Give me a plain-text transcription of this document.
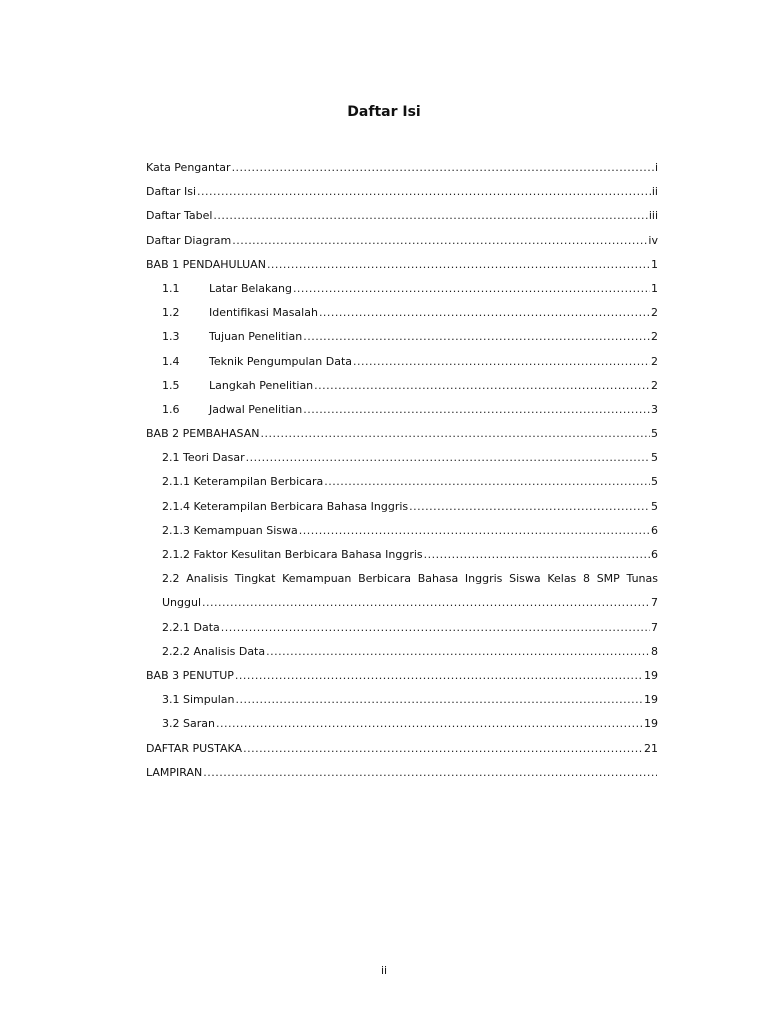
Daftar Isi
Kata Pengantar .....	i
Daftar Isi .....	ii
Daftar Tabel .....	iii
Daftar Diagram .....	iv
BAB 1 PENDAHULUAN .....	1
1.1	Latar Belakang .....	1
1.2	Identifikasi Masalah .....	2
1.3	Tujuan Penelitian .....	2
1.4	Teknik Pengumpulan Data .....	2
1.5	Langkah Penelitian .....	2
1.6	Jadwal Penelitian .....	3
BAB 2 PEMBAHASAN .....	5
2.1 Teori Dasar .....	5
2.1.1 Keterampilan Berbicara .....	5
2.1.4 Keterampilan Berbicara Bahasa Inggris .....	5
2.1.3 Kemampuan Siswa .....	6
2.1.2 Faktor Kesulitan Berbicara Bahasa Inggris .....	6
2.2 Analisis Tingkat Kemampuan Berbicara Bahasa Inggris Siswa Kelas 8 SMP Tunas
Unggul .....	7
2.2.1 Data .....	7
2.2.2 Analisis Data .....	8
BAB 3 PENUTUP .....	19
3.1 Simpulan .....	19
3.2 Saran .....	19
DAFTAR PUSTAKA .....	21
LAMPIRAN
.....
ii
